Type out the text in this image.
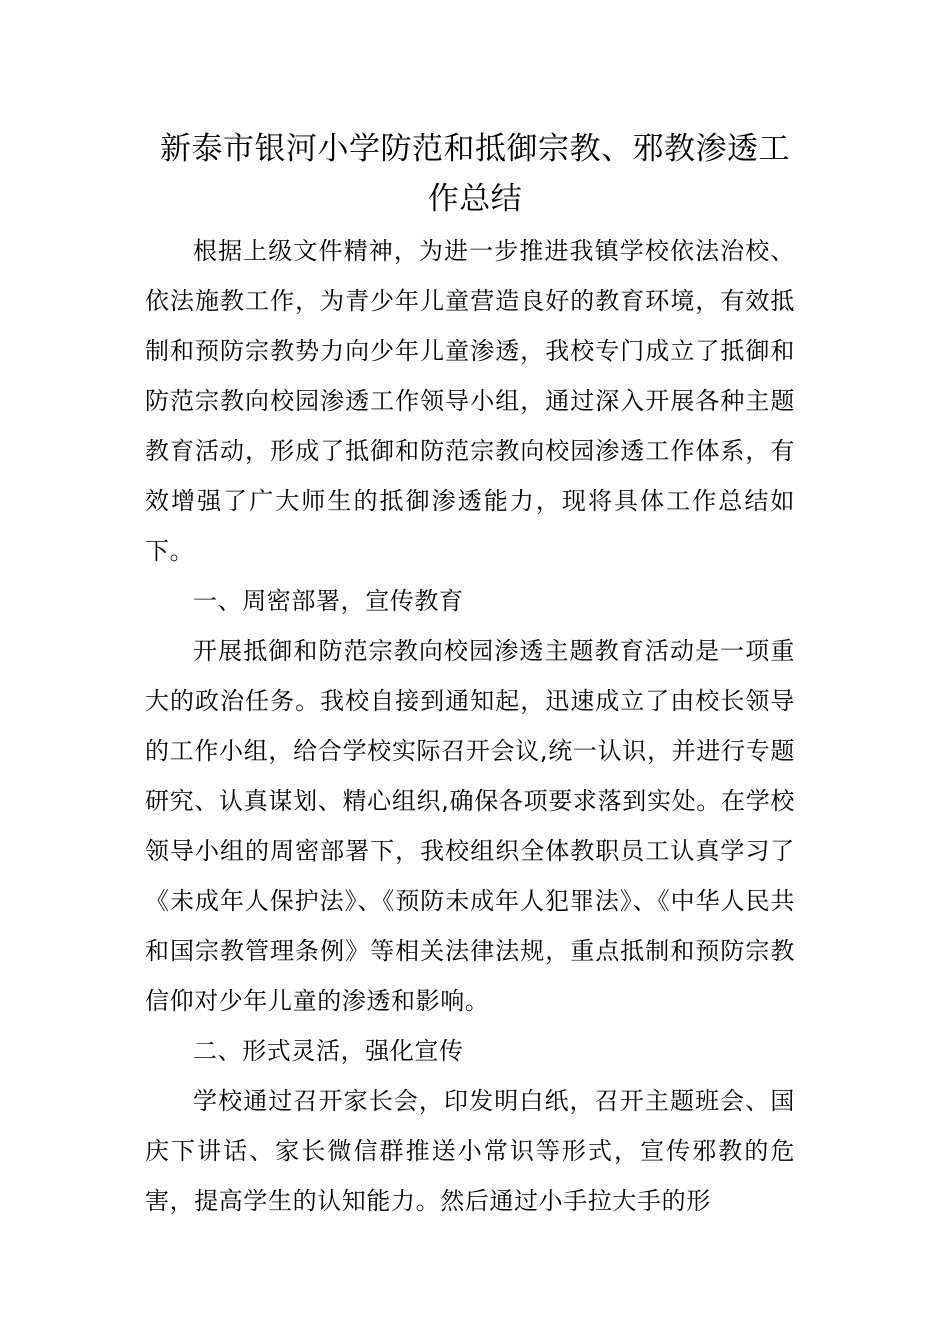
新泰市银河小学防范和抵御宗教、邪教渗透工作总结

根据上级文件精神，为进一步推进我镇学校依法治校、依法施教工作，为青少年儿童营造良好的教育环境，有效抵制和预防宗教势力向少年儿童渗透，我校专门成立了抵御和防范宗教向校园渗透工作领导小组，通过深入开展各种主题教育活动，形成了抵御和防范宗教向校园渗透工作体系，有效增强了广大师生的抵御渗透能力，现将具体工作总结如下。

一、周密部署，宣传教育

开展抵御和防范宗教向校园渗透主题教育活动是一项重大的政治任务。我校自接到通知起，迅速成立了由校长领导的工作小组，给合学校实际召开会议,统一认识，并进行专题研究、认真谋划、精心组织,确保各项要求落到实处。在学校领导小组的周密部署下，我校组织全体教职员工认真学习了《未成年人保护法》、《预防未成年人犯罪法》、《中华人民共和国宗教管理条例》等相关法律法规，重点抵制和预防宗教信仰对少年儿童的渗透和影响。

二、形式灵活，强化宣传

学校通过召开家长会，印发明白纸，召开主题班会、国庆下讲话、家长微信群推送小常识等形式，宣传邪教的危害，提高学生的认知能力。然后通过小手拉大手的形
